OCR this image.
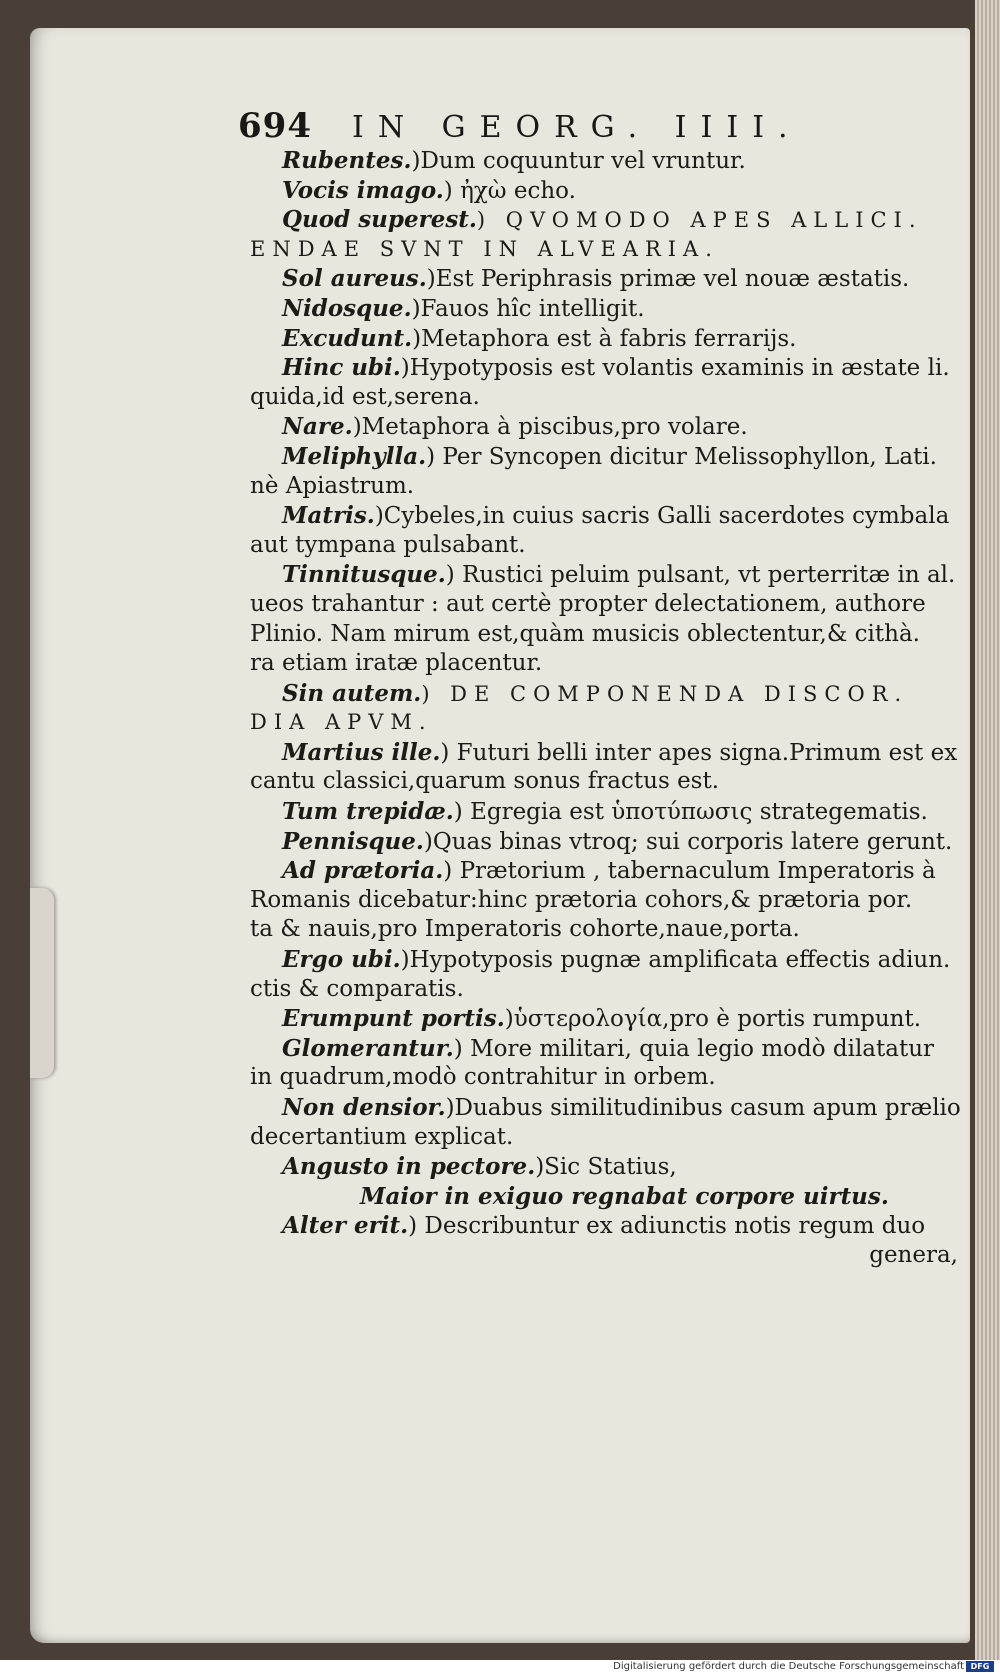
694 IN GEORG. IIII.
Rubentes.)Dum coquuntur vel vruntur.
Vocis imago.) ἠχὼ echo.
Quod superest.) QVOMODO APES ALLICI.
ENDAE SVNT IN ALVEARIA.
Sol aureus.)Est Periphrasis primæ vel nouæ æstatis.
Nidosque.)Fauos hîc intelligit.
Excudunt.)Metaphora est à fabris ferrarijs.
Hinc ubi.)Hypotyposis est volantis examinis in æstate li.
quida,id est,serena.
Nare.)Metaphora à piscibus,pro volare.
Meliphylla.) Per Syncopen dicitur Melissophyllon, Lati.
nè Apiastrum.
Matris.)Cybeles,in cuius sacris Galli sacerdotes cymbala
aut tympana pulsabant.
Tinnitusque.) Rustici peluim pulsant, vt perterritæ in al.
ueos trahantur : aut certè propter delectationem, authore
Plinio. Nam mirum est,quàm musicis oblectentur,& cithà.
ra etiam iratæ placentur.
Sin autem.) DE COMPONENDA DISCOR.
DIA APVM.
Martius ille.) Futuri belli inter apes signa.Primum est ex
cantu classici,quarum sonus fractus est.
Tum trepidæ.) Egregia est ὑποτύπωσις strategematis.
Pennisque.)Quas binas vtroq; sui corporis latere gerunt.
Ad prætoria.) Prætorium , tabernaculum Imperatoris à
Romanis dicebatur:hinc prætoria cohors,& prætoria por.
ta & nauis,pro Imperatoris cohorte,naue,porta.
Ergo ubi.)Hypotyposis pugnæ amplificata effectis adiun.
ctis & comparatis.
Erumpunt portis.)ὑστερολογία,pro è portis rumpunt.
Glomerantur.) More militari, quia legio modò dilatatur
in quadrum,modò contrahitur in orbem.
Non densior.)Duabus similitudinibus casum apum prælio
decertantium explicat.
Angusto in pectore.)Sic Statius,
Maior in exiguo regnabat corpore uirtus.
Alter erit.) Describuntur ex adiunctis notis regum duo
genera,
Digitalisierung gefördert durch die Deutsche Forschungsgemeinschaft DFG
